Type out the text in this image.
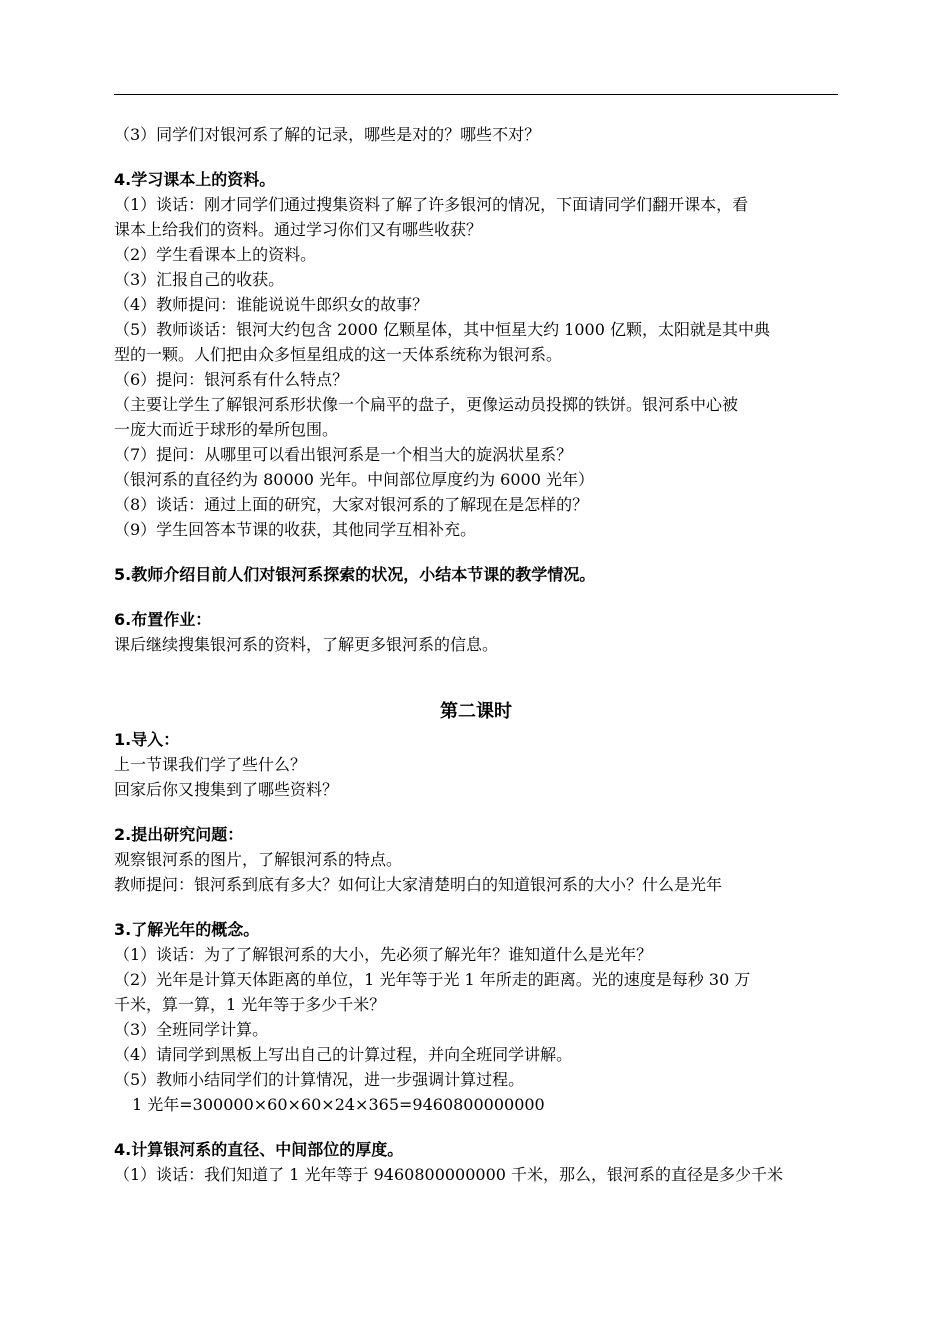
（3）同学们对银河系了解的记录，哪些是对的？哪些不对？
4.学习课本上的资料。
（1）谈话：刚才同学们通过搜集资料了解了许多银河的情况，下面请同学们翻开课本，看
课本上给我们的资料。通过学习你们又有哪些收获？
（2）学生看课本上的资料。
（3）汇报自己的收获。
（4）教师提问：谁能说说牛郎织女的故事？
（5）教师谈话：银河大约包含 2000 亿颗星体，其中恒星大约 1000 亿颗，太阳就是其中典
型的一颗。人们把由众多恒星组成的这一天体系统称为银河系。
（6）提问：银河系有什么特点？
（主要让学生了解银河系形状像一个扁平的盘子，更像运动员投掷的铁饼。银河系中心被
一庞大而近于球形的晕所包围。
（7）提问：从哪里可以看出银河系是一个相当大的旋涡状星系？
（银河系的直径约为 80000 光年。中间部位厚度约为 6000 光年）
（8）谈话：通过上面的研究，大家对银河系的了解现在是怎样的？
（9）学生回答本节课的收获，其他同学互相补充。
5.教师介绍目前人们对银河系探索的状况，小结本节课的教学情况。
6.布置作业：
课后继续搜集银河系的资料，了解更多银河系的信息。
第二课时
1.导入：
上一节课我们学了些什么？
回家后你又搜集到了哪些资料？
2.提出研究问题：
观察银河系的图片，了解银河系的特点。
教师提问：银河系到底有多大？如何让大家清楚明白的知道银河系的大小？什么是光年
3.了解光年的概念。
（1）谈话：为了了解银河系的大小，先必须了解光年？谁知道什么是光年？
（2）光年是计算天体距离的单位，1 光年等于光 1 年所走的距离。光的速度是每秒 30 万
千米，算一算，1 光年等于多少千米？
（3）全班同学计算。
（4）请同学到黑板上写出自己的计算过程，并向全班同学讲解。
（5）教师小结同学们的计算情况，进一步强调计算过程。
1 光年=300000×60×60×24×365=9460800000000
4.计算银河系的直径、中间部位的厚度。
（1）谈话：我们知道了 1 光年等于 9460800000000 千米，那么，银河系的直径是多少千米
